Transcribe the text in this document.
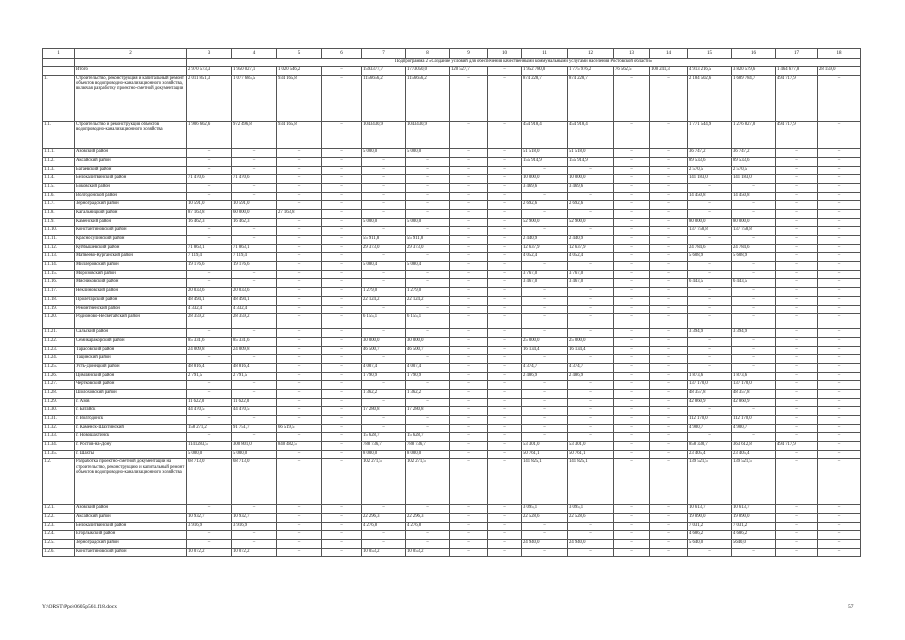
1	2	3	4	5	6	7	8	9	10	11	12	13	14	15	16	17	18
		Подпрограмма 2 «Создание условий для обеспечения качественными коммунальными услугами населения Ростовской области»															
	Итого	2 970 573,3	1 950 027,1	1 020 546,2	–	1593377,7	1773050,0	120 527,7	–	1 952 780,0	1 775 976,2	76 562,5	100 241,3	4 913 216,5	3 820 579,6	1 464 677,8	28 159,0
1.	Строительство, реконструкция и капитальный ремонт объектов водопроводно-канализационного хозяйства, включая разработку проектно-сметной документации	2 011 851,3	1 077 685,5	934 165,8	–	1156656,2	1156656,2	–	–	874 228,7	874 228,7	–	–	2 184 502,6	1 689 784,7	494 717,9	–
1.1.	Строительство и реконструкция объектов водопроводно-канализационного хозяйства	1 906 662,6	972 496,8	934 165,8	–	1043430,9	1043430,9	–	–	454 918,4	454 918,4	–	–	1 771 544,9	1 276 827,0	494 717,9	–
1.1.1.	Азовский район	–	–	–	–	5 000,0	5 000,0	–	–	51 518,0	51 518,0	–	–	36 747,2	36 747,2	–	–
1.1.2.	Аксайский район	–	–	–	–	–	–	–	–	155 914,9	155 914,9	–	–	89 533,6	89 533,6	–	–
1.1.3.	Багаевский район	–	–	–	–	–	–	–	–	–	–	–	–	2 570,5	2 570,5	–	–
1.1.4.	Белокалитвинский район	71 470,6	71 470,6	–	–	–	–	–	–	10 000,0	10 000,0	–	–	141 183,0	141 183,0	–	–
1.1.5.	Боковский район	–	–	–	–	–	–	–	–	3 469,6	3 469,6	–	–	–	–	–	–
1.1.6.	Волгодонской район	–	–	–	–	–	–	–	–	–	–	–	–	14 450,8	14 450,8	–	–
1.1.7.	Зерноградский район	10 591,0	10 591,0	–	–	–	–	–	–	2 692,6	2 692,6	–	–	–	–	–	–
1.1.8.	Кагальницкий район	87 163,8	60 000,0	27 163,8	–	–	–	–	–	–	–	–	–	–	–	–	–
1.1.9.	Каменский район	16 462,3	16 462,3	–	–	5 000,0	5 000,0	–	–	52 900,0	52 900,0	–	–	80 000,0	80 000,0	–	–
1.1.10.	Константиновский район	–	–	–	–	–	–	–	–	–	–	–	–	137 758,8	137 758,8	–	–
1.1.11.	Красносулинский район	–	–	–	–	55 911,8	55 911,8	–	–	2 440,9	2 440,9	–	–	–	–	–	–
1.1.12.	Куйбышевский район	71 863,1	71 863,1	–	–	29 373,0	29 373,0	–	–	12 637,9	12 637,9	–	–	24 784,6	24 784,6	–	–
1.1.13.	Матвеево-Курганский район	7 119,4	7 119,4	–	–	–	–	–	–	4 052,4	4 052,4	–	–	5 608,9	5 608,9	–	–
1.1.14.	Миллеровский район	19 176,6	19 176,6	–	–	5 080,4	5 080,4	–	–	–	–	–	–	–	–	–	–
1.1.15.	Морозовский район	–	–	–	–	–	–	–	–	3 767,0	3 767,0	–	–	–	–	–	–
1.1.16.	Мясниковский район	–	–	–	–	–	–	–	–	3 467,0	3 467,0	–	–	6 443,5	6 443,5	–	–
1.1.17.	Неклиновский район	20 033,6	20 033,6	–	–	1 279,0	1 279,0	–	–	–	–	–	–	–	–	–	–
1.1.18.	Пролетарский район	48 494,1	48 494,1	–	–	22 124,2	22 124,2	–	–	–	–	–	–	–	–	–	–
1.1.19.	Ремонтненский район	4 332,4	4 332,4	–	–	–	–	–	–	–	–	–	–	–	–	–	–
1.1.20.	Родионово-Несветайский район	28 359,2	28 359,2	–	–	6 155,1	6 155,1	–	–	–	–	–	–	–	–	–	–
1.1.21.	Сальский район	–	–	–	–	–	–	–	–	–	–	–	–	3 394,9	3 394,9	–	–
1.1.22.	Семикаракорский район	85 331,6	85 331,6	–	–	30 000,0	30 000,0	–	–	25 000,0	25 000,0	–	–	–	–	–	–
1.1.23.	Тарасовский район	24 009,8	24 009,8	–	–	46 500,7	46 500,7	–	–	16 134,4	16 134,4	–	–	–	–	–	–
1.1.24.	Тацинский район	–	–	–	–	–	–	–	–	–	–	–	–	–	–	–	–
1.1.25.	Усть-Донецкий район	48 816,4	48 816,4	–	–	4 007,4	4 007,4	–	–	4 374,7	4 374,7	–	–	–	–	–	–
1.1.26.	Цимлянский район	2 791,5	2 791,5	–	–	1 790,9	1 790,9	–	–	2 486,9	2 486,9	–	–	1 873,6	1 873,6	–	–
1.1.27.	Чертковский район	–	–	–	–	–	–	–	–	–	–	–	–	137 170,0	137 170,0	–	–
1.1.28.	Шолоховский район	–	–	–	–	1 362,2	1 362,2	–	–	–	–	–	–	48 357,8	48 357,8	–	–
1.1.29.	г. Азов	11 622,0	11 622,0	–	–	–	–	–	–	–	–	–	–	42 860,9	42 860,9	–	–
1.1.30.	г. Батайск	44 470,5	44 470,5	–	–	17 280,8	17 280,8	–	–	–	–	–	–	–	–	–	–
1.1.31.	г. Волгодонск	–	–	–	–	–	–	–	–	–	–	–	–	112 170,0	112 170,0	–	–
1.1.32.	г. Каменск-Шахтинский	158 271,2	91 751,7	66 519,5	–	–	–	–	–	–	–	–	–	4 900,7	4 900,7	–	–
1.1.33.	г. Новошахтинск	–	–	–	–	15 628,7	15 628,7	–	–	–	–	–	–	–	–	–	–
1.1.34.	г. Ростов-на-Дону	1141283,5	300 801,0	840 482,5	–	788 736,7	788 736,7	–	–	53 301,0	53 301,0	–	–	858 330,7	363 612,8	494 717,9	–
1.1.35.	г. Шахты	5 000,0	5 000,0	–	–	8 000,0	8 000,0	–	–	50 761,1	50 761,1	–	–	23 405,4	23 405,4	–	–
1.2.	Разработка проектно-сметной документации на строительство, реконструкцию и капитальный ремонт объектов водопроводно-канализационного хозяйства	68 713,0	68 713,0	–	–	102 271,5	102 271,5	–	–	141 825,1	141 825,1	–	–	139 521,5	139 521,5	–	–
1.2.1.	Азовский район	–	–	–	–	–	–	–	–	3 095,1	3 095,1	–	–	10 613,7	10 613,7	–	–
1.2.2.	Аксайский район	10 932,7	10 932,7	–	–	22 296,3	22 296,3	–	–	22 528,6	22 528,6	–	–	19 890,0	19 890,0	–	–
1.2.3.	Белокалитвинский район	3 916,9	3 916,9	–	–	4 276,8	4 276,8	–	–	–	–	–	–	7 031,2	7 031,2	–	–
1.2.4.	Егорлыкский район	–	–	–	–	–	–	–	–	–	–	–	–	4 686,2	4 686,2	–	–
1.2.5.	Зерноградский район	–	–	–	–	–	–	–	–	24 940,0	24 940,0	–	–	5 640,0	5640,0	–	–
1.2.6.	Константиновский район	10 072,2	10 072,2	–	–	10 053,2	10 053,2	–	–	–	–	–	–	–	–	–	–
Y:\ORST\Ppo\0605p561.f18.docx	57
